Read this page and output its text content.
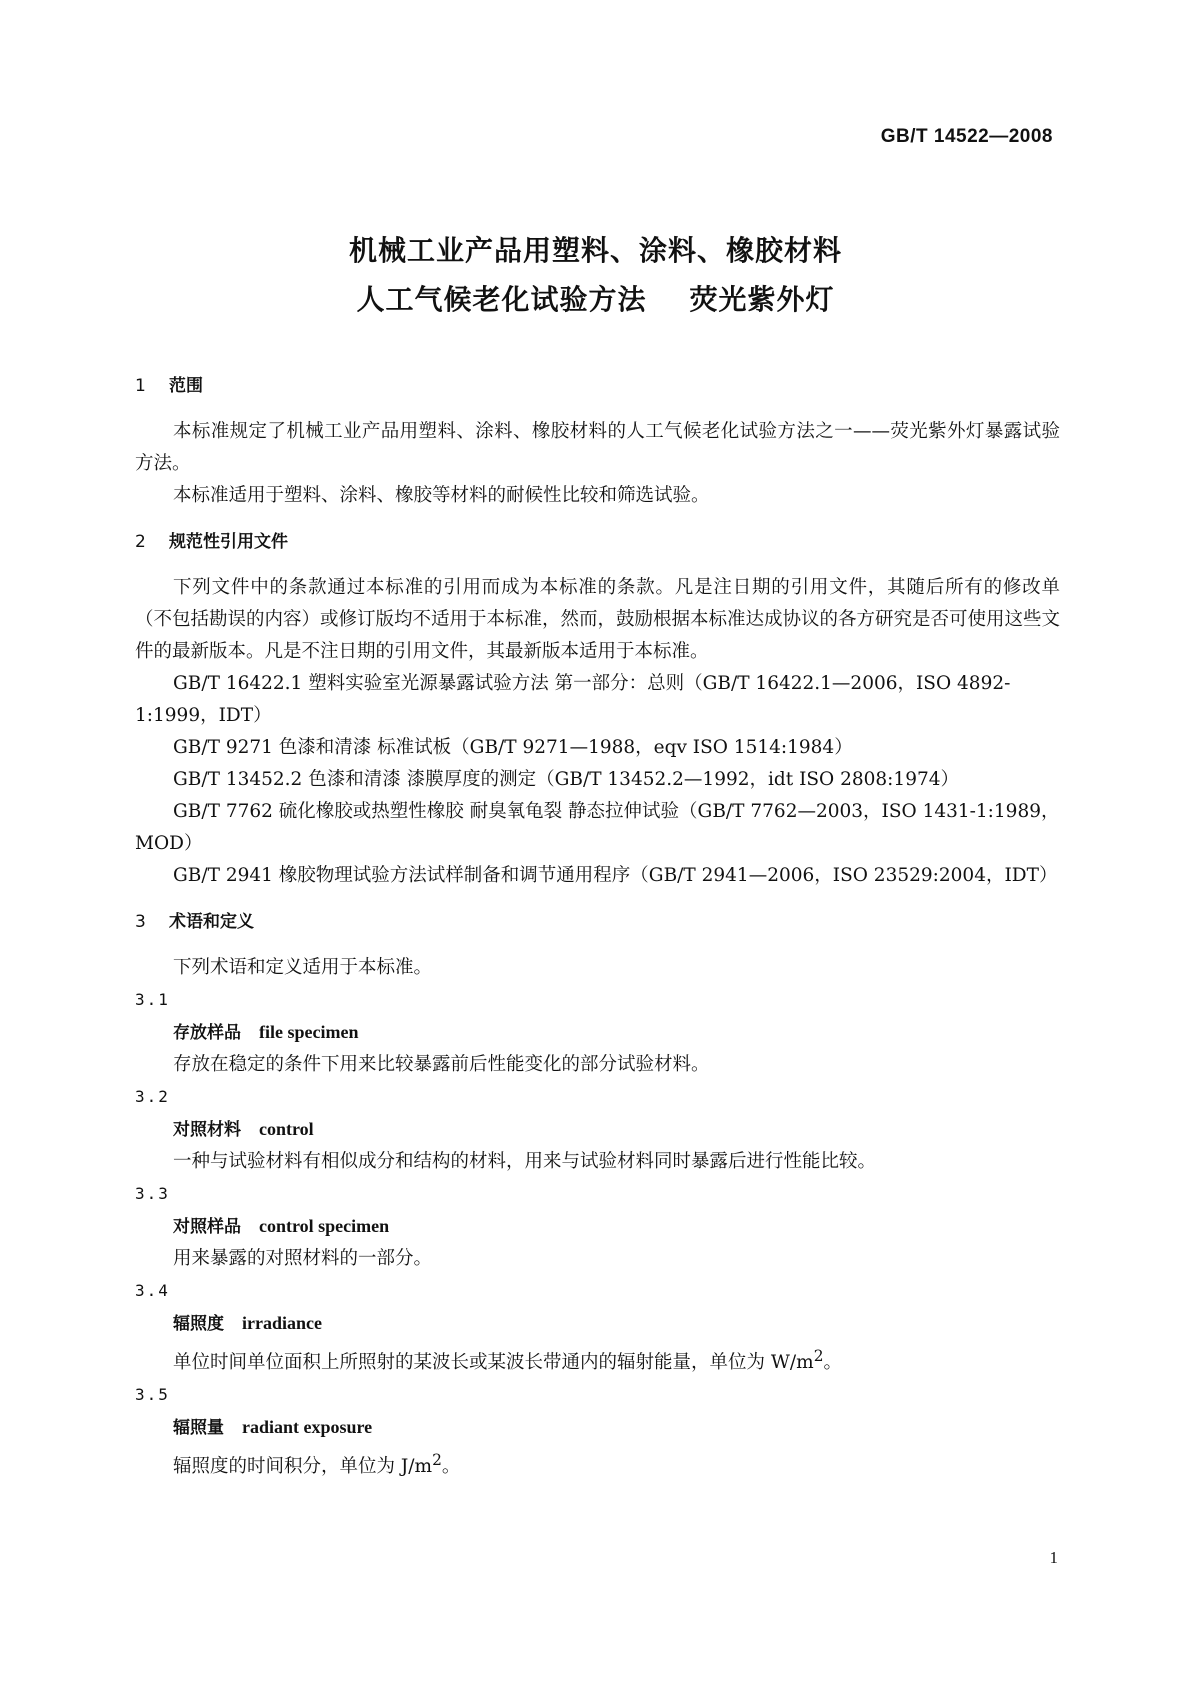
GB/T 14522—2008
机械工业产品用塑料、涂料、橡胶材料
人工气候老化试验方法    荧光紫外灯

1 范围

本标准规定了机械工业产品用塑料、涂料、橡胶材料的人工气候老化试验方法之一——荧光紫外灯暴露试验方法。

本标准适用于塑料、涂料、橡胶等材料的耐候性比较和筛选试验。

2 规范性引用文件

下列文件中的条款通过本标准的引用而成为本标准的条款。凡是注日期的引用文件，其随后所有的修改单（不包括勘误的内容）或修订版均不适用于本标准，然而，鼓励根据本标准达成协议的各方研究是否可使用这些文件的最新版本。凡是不注日期的引用文件，其最新版本适用于本标准。

GB/T 16422.1 塑料实验室光源暴露试验方法 第一部分：总则（GB/T 16422.1—2006，ISO 4892-1:1999，IDT）

GB/T 9271 色漆和清漆 标准试板（GB/T 9271—1988，eqv ISO 1514:1984）

GB/T 13452.2 色漆和清漆 漆膜厚度的测定（GB/T 13452.2—1992，idt ISO 2808:1974）

GB/T 7762 硫化橡胶或热塑性橡胶 耐臭氧龟裂 静态拉伸试验（GB/T 7762—2003，ISO 1431-1:1989，MOD）

GB/T 2941 橡胶物理试验方法试样制备和调节通用程序（GB/T 2941—2006，ISO 23529:2004，IDT）

3 术语和定义

下列术语和定义适用于本标准。

3.1

存放样品 file specimen

存放在稳定的条件下用来比较暴露前后性能变化的部分试验材料。

3.2

对照材料 control

一种与试验材料有相似成分和结构的材料，用来与试验材料同时暴露后进行性能比较。

3.3

对照样品 control specimen

用来暴露的对照材料的一部分。

3.4

辐照度 irradiance

单位时间单位面积上所照射的某波长或某波长带通内的辐射能量，单位为 $W/m^2$。

3.5

辐照量 radiant exposure

辐照度的时间积分，单位为 $J/m^2$。

1
